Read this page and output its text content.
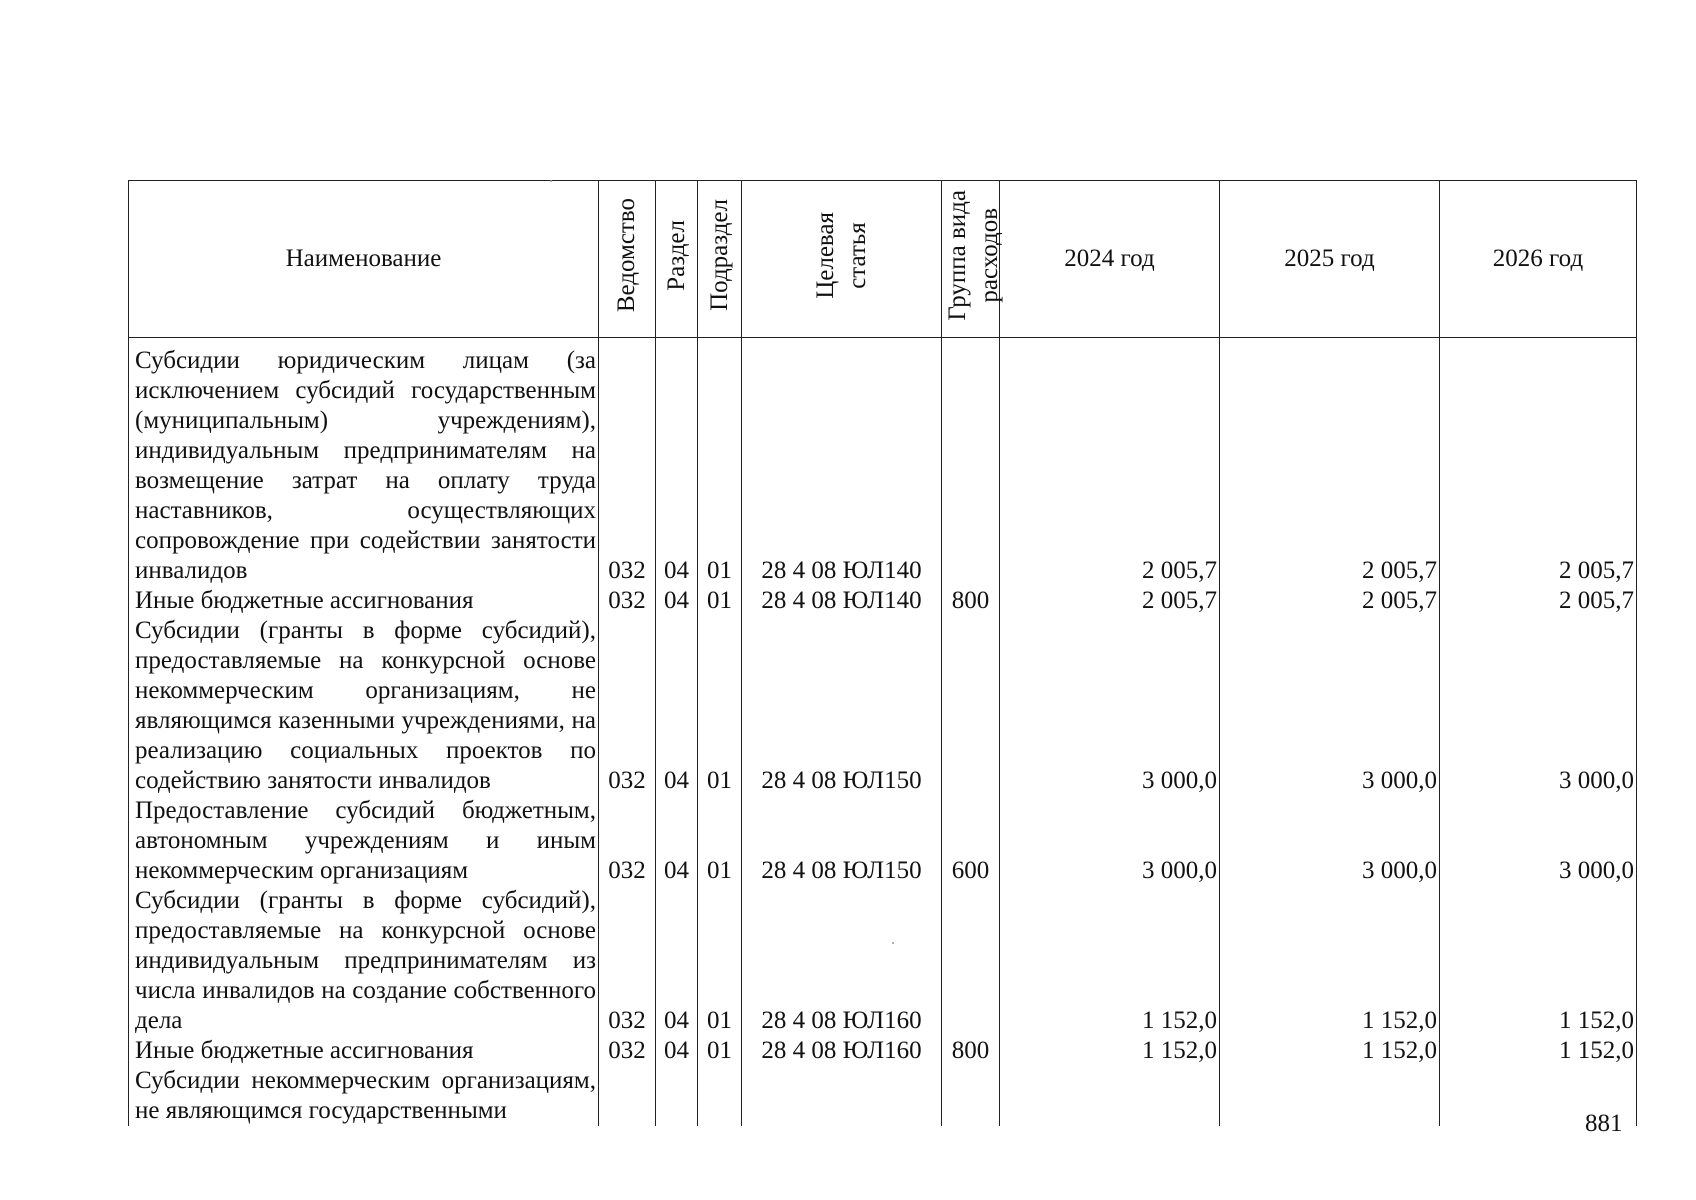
Наименование	Ведомство	Раздел	Подраздел	Целевая статья	Группа вида расходов	2024 год	2025 год	2026 год
Субсидии юридическим лицам (за исключением субсидий государственным (муниципальным) учреждениям), индивидуальным предпринимателям на возмещение затрат на оплату труда наставников, осуществляющих сопровождение при содействии занятости инвалидов	032	04	01	28 4 08 ЮЛ140		2 005,7	2 005,7	2 005,7
Иные бюджетные ассигнования	032	04	01	28 4 08 ЮЛ140	800	2 005,7	2 005,7	2 005,7
Субсидии (гранты в форме субсидий), предоставляемые на конкурсной основе некоммерческим организациям, не являющимся казенными учреждениями, на реализацию социальных проектов по содействию занятости инвалидов	032	04	01	28 4 08 ЮЛ150		3 000,0	3 000,0	3 000,0
Предоставление субсидий бюджетным, автономным учреждениям и иным некоммерческим организациям	032	04	01	28 4 08 ЮЛ150	600	3 000,0	3 000,0	3 000,0
Субсидии (гранты в форме субсидий), предоставляемые на конкурсной основе индивидуальным предпринимателям из числа инвалидов на создание собственного дела	032	04	01	28 4 08 ЮЛ160		1 152,0	1 152,0	1 152,0
Иные бюджетные ассигнования	032	04	01	28 4 08 ЮЛ160	800	1 152,0	1 152,0	1 152,0

Субсидии некоммерческим организациям, не являющимся государственными								
									881
